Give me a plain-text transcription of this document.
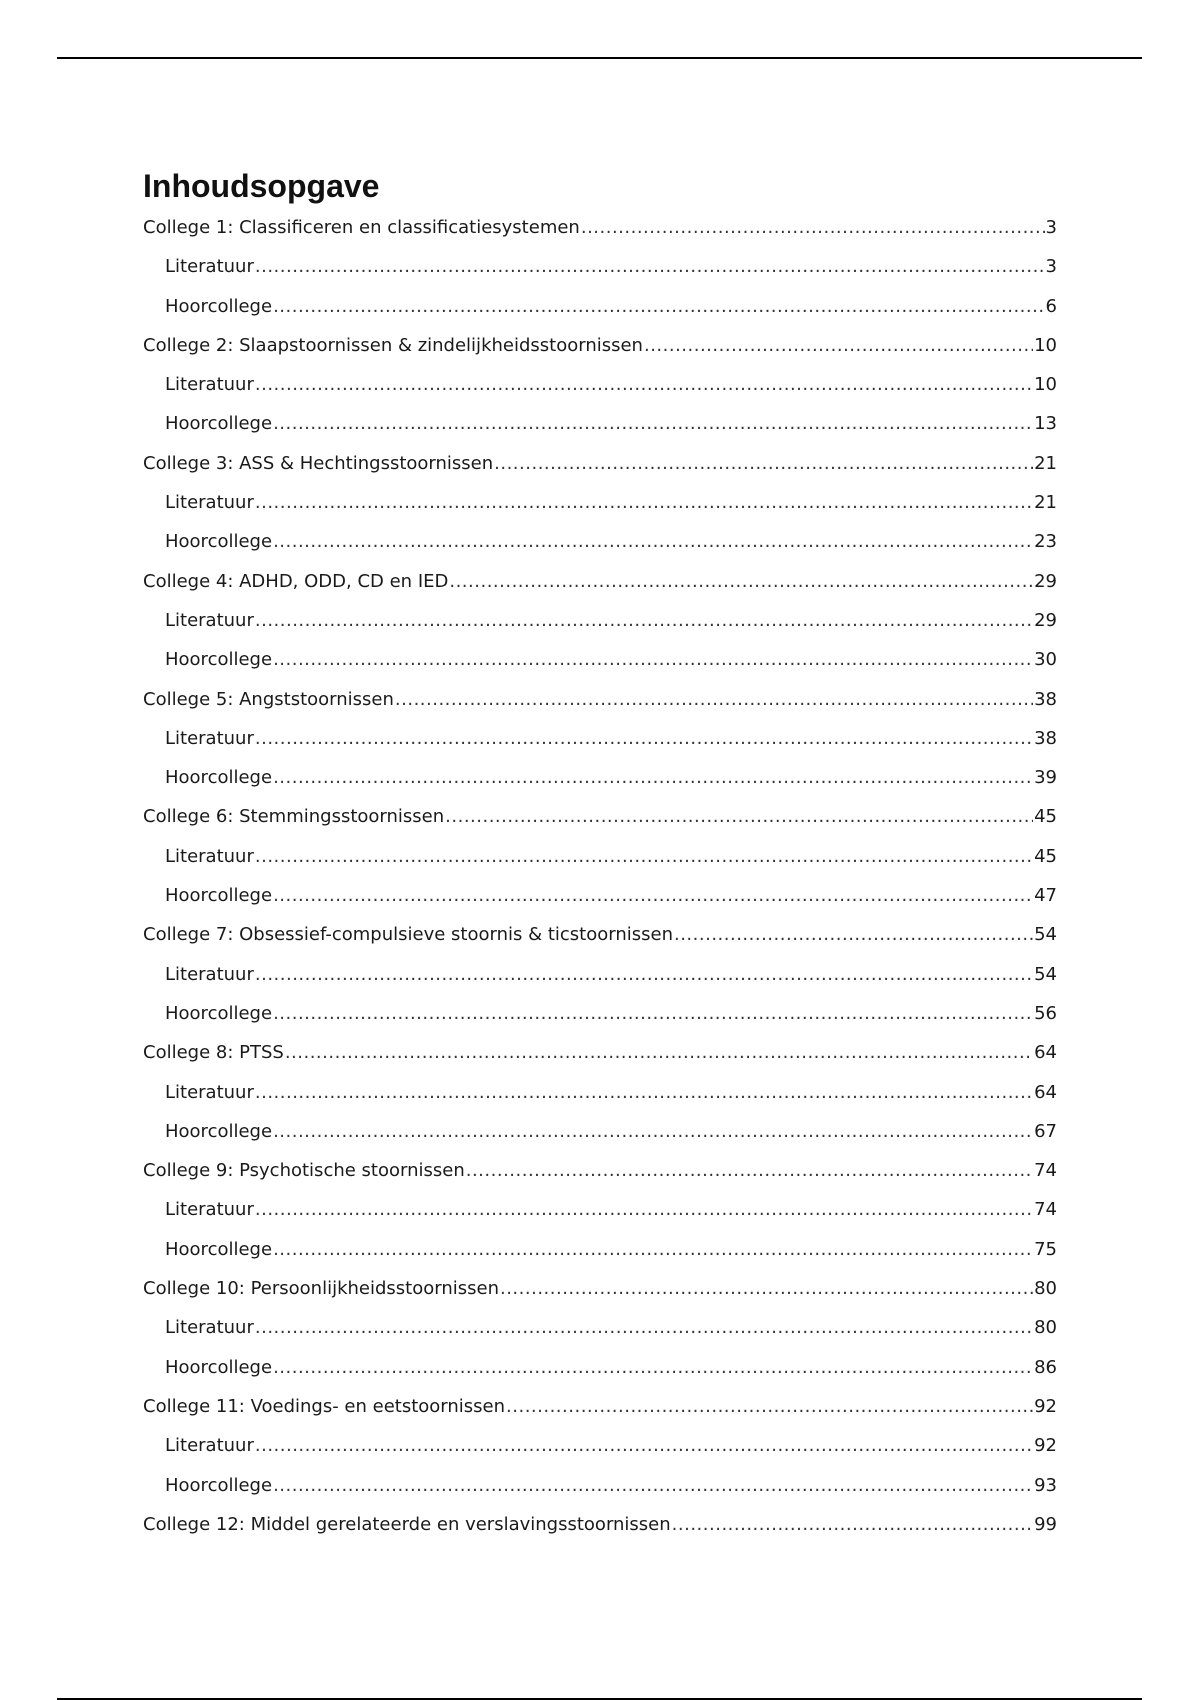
Inhoudsopgave
College 1: Classificeren en classificatiesystemen .....	3
Literatuur .....	3
Hoorcollege .....	6
College 2: Slaapstoornissen & zindelijkheidsstoornissen .....	10
Literatuur .....	10
Hoorcollege .....	13
College 3: ASS & Hechtingsstoornissen .....	21
Literatuur .....	21
Hoorcollege .....	23
College 4: ADHD, ODD, CD en IED .....	29
Literatuur .....	29
Hoorcollege .....	30
College 5: Angststoornissen .....	38
Literatuur .....	38
Hoorcollege .....	39
College 6: Stemmingsstoornissen .....	45
Literatuur .....	45
Hoorcollege .....	47
College 7: Obsessief-compulsieve stoornis & ticstoornissen .....	54
Literatuur .....	54
Hoorcollege .....	56
College 8: PTSS .....	64
Literatuur .....	64
Hoorcollege .....	67
College 9: Psychotische stoornissen .....	74
Literatuur .....	74
Hoorcollege .....	75
College 10: Persoonlijkheidsstoornissen .....	80
Literatuur .....	80
Hoorcollege .....	86
College 11: Voedings- en eetstoornissen .....	92
Literatuur .....	92
Hoorcollege .....	93
College 12: Middel gerelateerde en verslavingsstoornissen .....	99
